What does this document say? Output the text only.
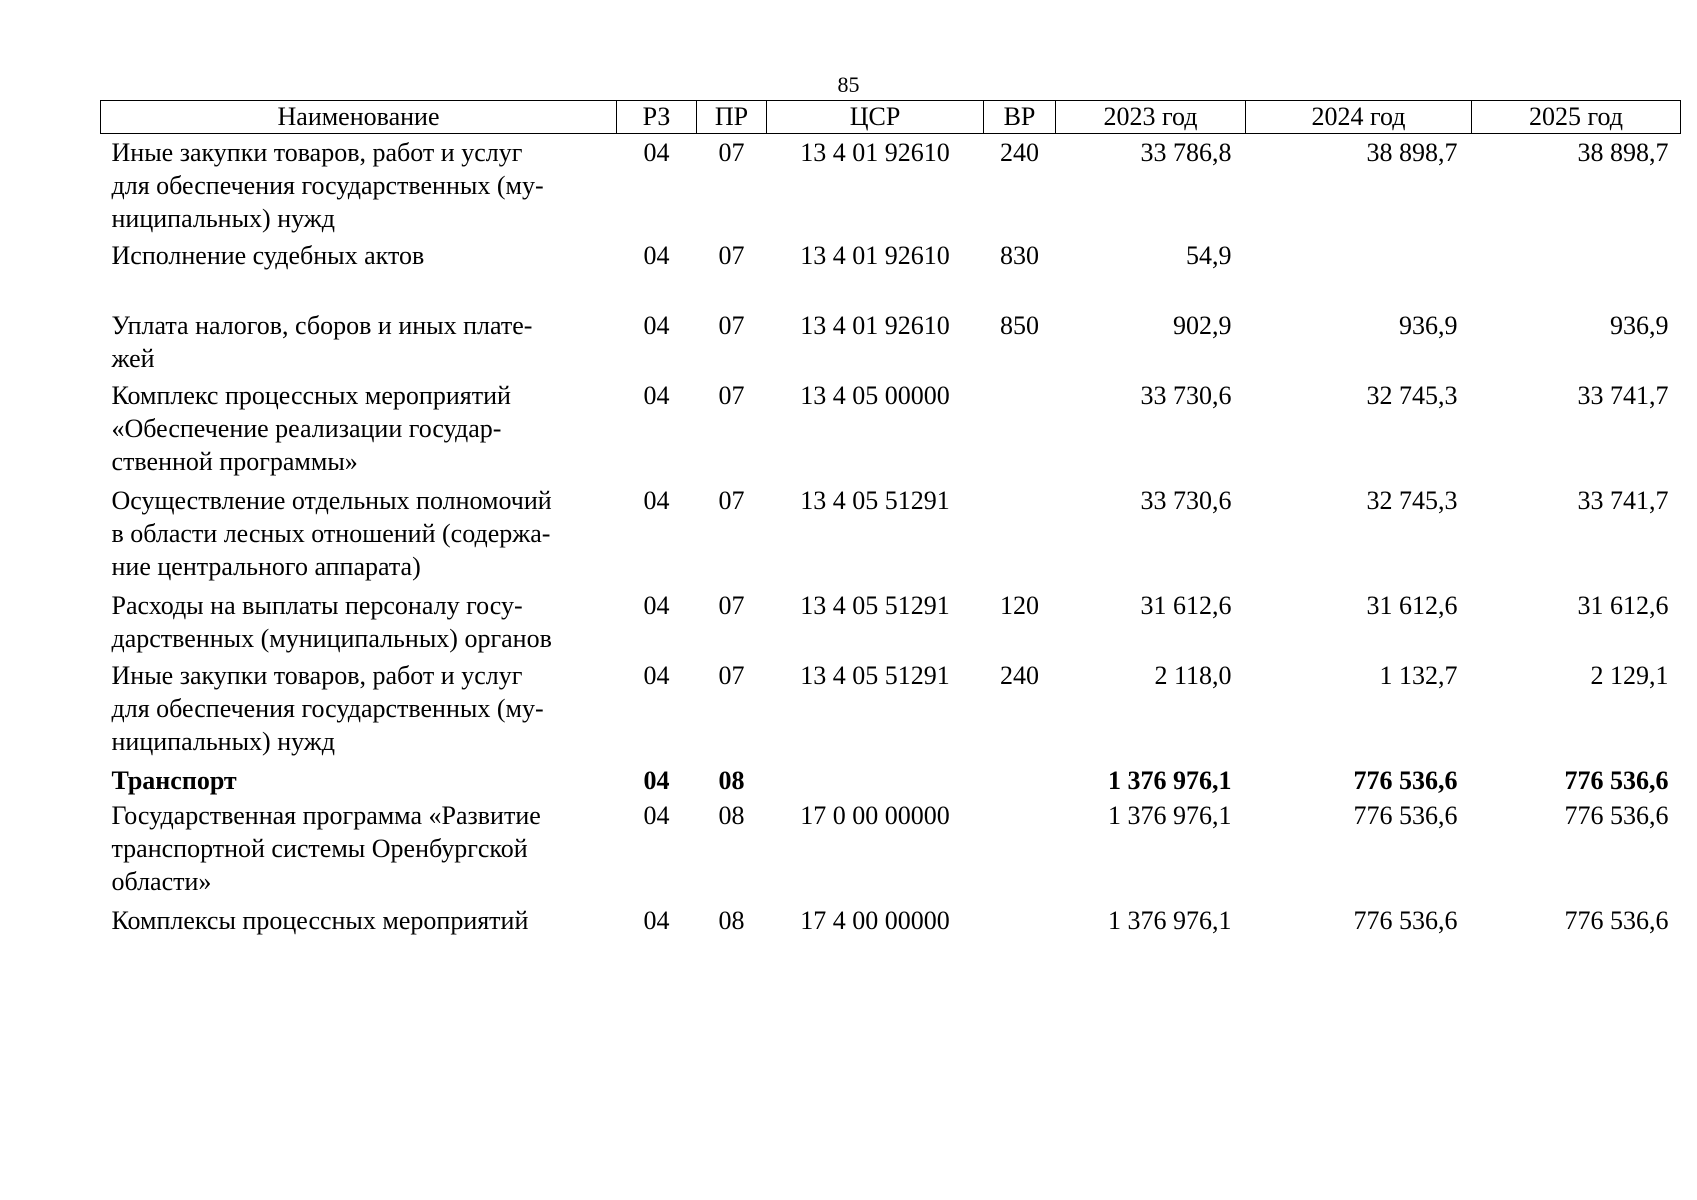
85
Наименование	РЗ	ПР	ЦСР	ВР	2023 год	2024 год	2025 год

Иные закупки товаров, работ и услуг
для обеспечения государственных (му-
ниципальных) нужд	04	07	13 4 01 92610	240	33 786,8	38 898,7	38 898,7

Исполнение судебных актов	04	07	13 4 01 92610	830	54,9		

Уплата налогов, сборов и иных плате-
жей	04	07	13 4 01 92610	850	902,9	936,9	936,9

Комплекс процессных мероприятий
«Обеспечение реализации государ-
ственной программы»	04	07	13 4 05 00000		33 730,6	32 745,3	33 741,7

Осуществление отдельных полномочий
в области лесных отношений (содержа-
ние центрального аппарата)	04	07	13 4 05 51291		33 730,6	32 745,3	33 741,7

Расходы на выплаты персоналу госу-
дарственных (муниципальных) органов	04	07	13 4 05 51291	120	31 612,6	31 612,6	31 612,6

Иные закупки товаров, работ и услуг
для обеспечения государственных (му-
ниципальных) нужд	04	07	13 4 05 51291	240	2 118,0	1 132,7	2 129,1

Транспорт	04	08			1 376 976,1	776 536,6	776 536,6

Государственная программа «Развитие
транспортной системы Оренбургской
области»	04	08	17 0 00 00000		1 376 976,1	776 536,6	776 536,6

Комплексы процессных мероприятий	04	08	17 4 00 00000		1 376 976,1	776 536,6	776 536,6
